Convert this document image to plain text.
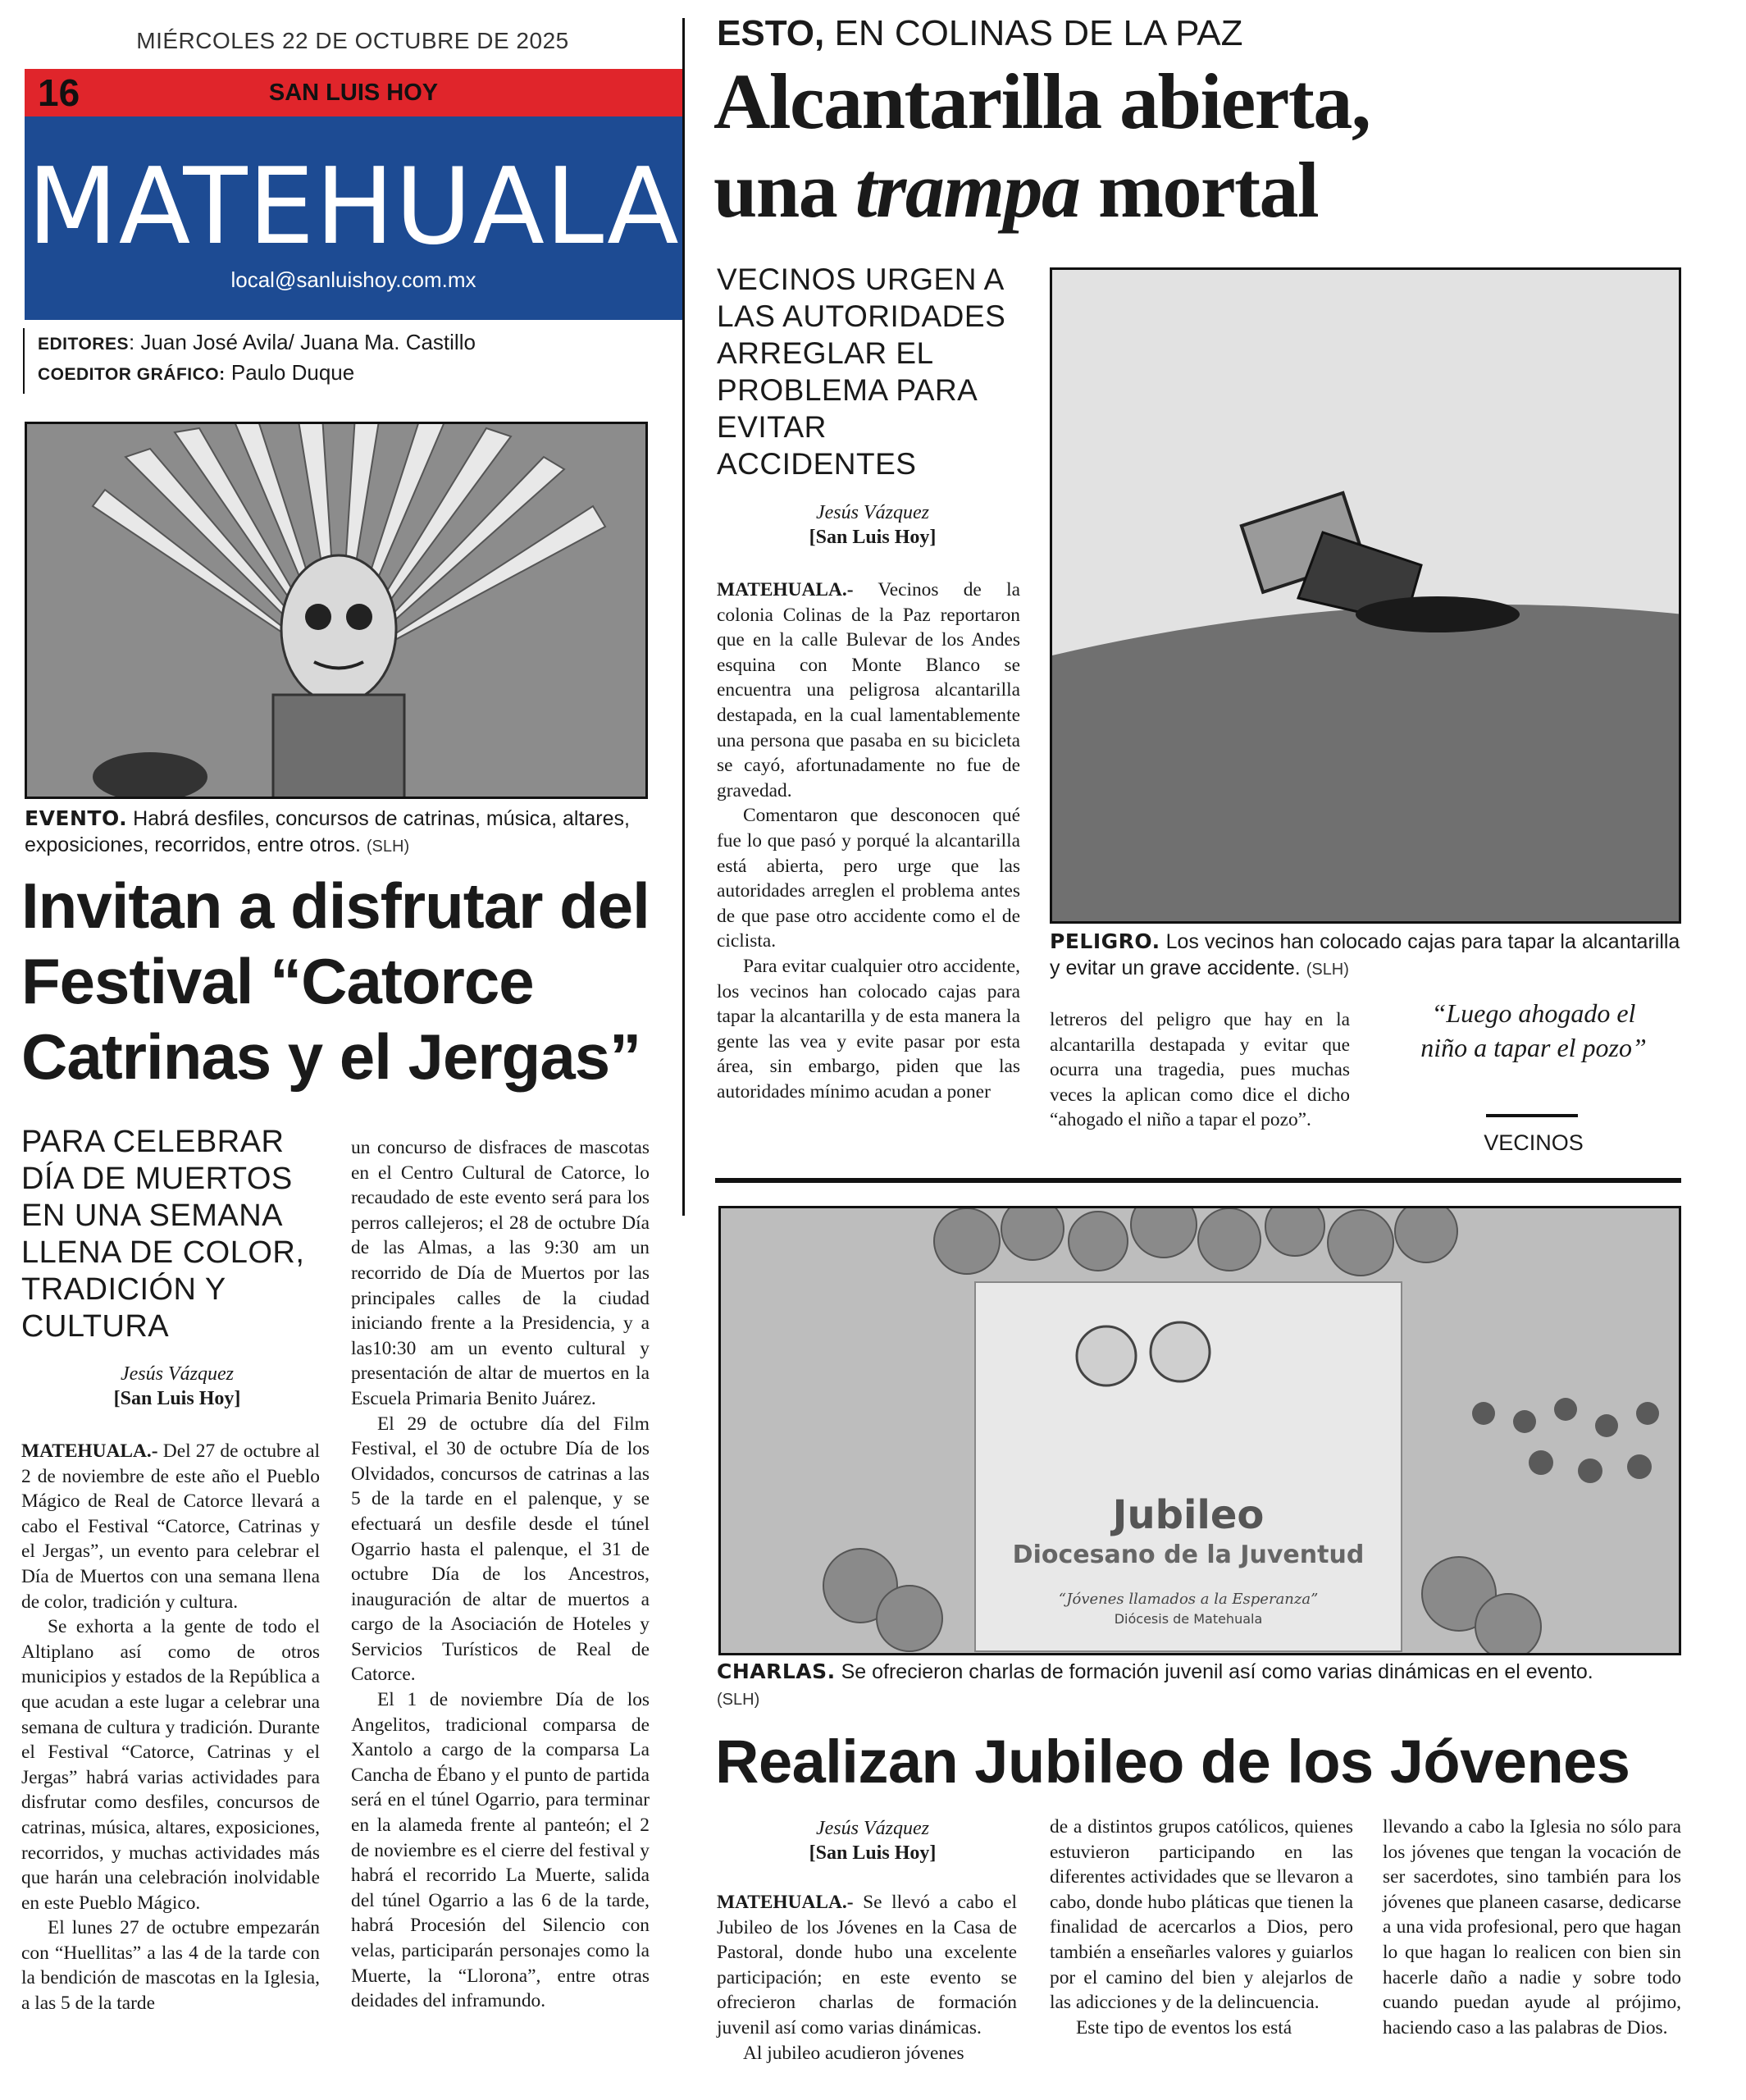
MIÉRCOLES 22 DE OCTUBRE DE 2025
16	SAN LUIS HOY
MATEHUALA
local@sanluishoy.com.mx
EDITORES: Juan José Avila/ Juana Ma. Castillo
COEDITOR GRÁFICO: Paulo Duque
EVENTO. Habrá desfiles, concursos de catrinas, música, altares, exposiciones, recorridos, entre otros. (SLH)
Invitan a disfrutar del Festival “Catorce Catrinas y el Jergas”
PARA CELEBRAR DÍA DE MUERTOS EN UNA SEMANA LLENA DE COLOR, TRADICIÓN Y CULTURA
Jesús Vázquez
[San Luis Hoy]

MATEHUALA.- Del 27 de octubre al 2 de noviembre de este año el Pueblo Mágico de Real de Catorce llevará a cabo el Festival “Catorce, Catrinas y el Jergas”, un evento para celebrar el Día de Muertos con una semana llena de color, tradición y cultura.

Se exhorta a la gente de todo el Altiplano así como de otros municipios y estados de la República a que acudan a este lugar a celebrar una semana de cultura y tradición. Durante el Festival “Catorce, Catrinas y el Jergas” habrá varias actividades para disfrutar como desfiles, concursos de catrinas, música, altares, exposiciones, recorridos, y muchas actividades más que harán una celebración inolvidable en este Pueblo Mágico.

El lunes 27 de octubre empezarán con “Huellitas” a las 4 de la tarde con la bendición de mascotas en la Iglesia, a las 5 de la tarde

un concurso de disfraces de mascotas en el Centro Cultural de Catorce, lo recaudado de este evento será para los perros callejeros; el 28 de octubre Día de las Almas, a las 9:30 am un recorrido de Día de Muertos por las principales calles de la ciudad iniciando frente a la Presidencia, y a las10:30 am un evento cultural y presentación de altar de muertos en la Escuela Primaria Benito Juárez.

El 29 de octubre día del Film Festival, el 30 de octubre Día de los Olvidados, concursos de catrinas a las 5 de la tarde en el palenque, y se efectuará un desfile desde el túnel Ogarrio hasta el palenque, el 31 de octubre Día de los Ancestros, inauguración de altar de muertos a cargo de la Asociación de Hoteles y Servicios Turísticos de Real de Catorce.

El 1 de noviembre Día de los Angelitos, tradicional comparsa de Xantolo a cargo de la comparsa La Cancha de Ébano y el punto de partida será en el túnel Ogarrio, para terminar en la alameda frente al panteón; el 2 de noviembre es el cierre del festival y habrá el recorrido La Muerte, salida del túnel Ogarrio a las 6 de la tarde, habrá Procesión del Silencio con velas, participarán personajes como la Muerte, la “Llorona”, entre otras deidades del inframundo.

ESTO, EN COLINAS DE LA PAZ
Alcantarilla abierta,
una trampa mortal
VECINOS URGEN A LAS AUTORIDADES ARREGLAR EL PROBLEMA PARA EVITAR ACCIDENTES
Jesús Vázquez
[San Luis Hoy]

MATEHUALA.- Vecinos de la colonia Colinas de la Paz reportaron que en la calle Bulevar de los Andes esquina con Monte Blanco se encuentra una peligrosa alcantarilla destapada, en la cual lamentablemente una persona que pasaba en su bicicleta se cayó, afortunadamente no fue de gravedad.

Comentaron que desconocen qué fue lo que pasó y porqué la alcantarilla está abierta, pero urge que las autoridades arreglen el problema antes de que pase otro accidente como el de ciclista.

Para evitar cualquier otro accidente, los vecinos han colocado cajas para tapar la alcantarilla y de esta manera la gente las vea y evite pasar por esta área, sin embargo, piden que las autoridades mínimo acudan a poner

PELIGRO. Los vecinos han colocado cajas para tapar la alcantarilla y evitar un grave accidente. (SLH)

letreros del peligro que hay en la alcantarilla destapada y evitar que ocurra una tragedia, pues muchas veces la aplican como dice el dicho “ahogado el niño a tapar el pozo”.

“Luego ahogado el niño a tapar el pozo”
VECINOS
Jubileo
Diocesano de la Juventud
“Jóvenes llamados a la Esperanza”
Diócesis de Matehuala
CHARLAS. Se ofrecieron charlas de formación juvenil así como varias dinámicas en el evento.
(SLH)
Realizan Jubileo de los Jóvenes
Jesús Vázquez
[San Luis Hoy]

MATEHUALA.- Se llevó a cabo el Jubileo de los Jóvenes en la Casa de Pastoral, donde hubo una excelente participación; en este evento se ofrecieron charlas de formación juvenil así como varias dinámicas.

Al jubileo acudieron jóvenes

de a distintos grupos católicos, quienes estuvieron participando en las diferentes actividades que se llevaron a cabo, donde hubo pláticas que tienen la finalidad de acercarlos a Dios, pero también a enseñarles valores y guiarlos por el camino del bien y alejarlos de las adicciones y de la delincuencia.

Este tipo de eventos los está

llevando a cabo la Iglesia no sólo para los jóvenes que tengan la vocación de ser sacerdotes, sino también para los jóvenes que planeen casarse, dedicarse a una vida profesional, pero que hagan lo que hagan lo realicen con bien sin hacerle daño a nadie y sobre todo cuando puedan ayude al prójimo, haciendo caso a las palabras de Dios.
